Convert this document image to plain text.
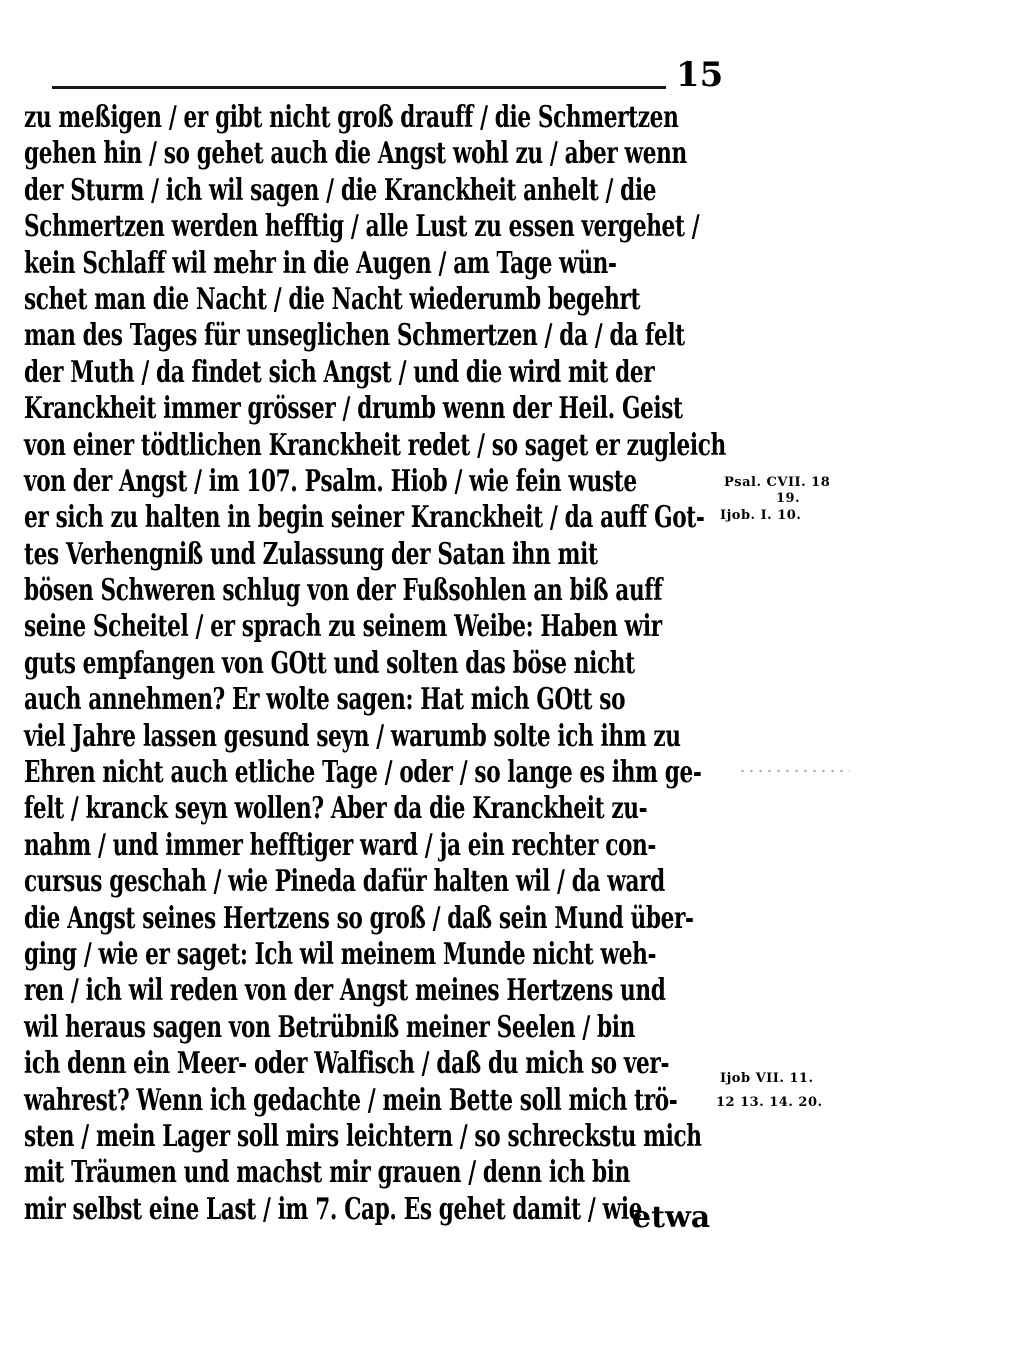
15
zu meßigen / er gibt nicht groß drauff / die Schmertzen
gehen hin / so gehet auch die Angst wohl zu / aber wenn
der Sturm / ich wil sagen / die Kranckheit anhelt / die
Schmertzen werden hefftig / alle Lust zu essen vergehet /
kein Schlaff wil mehr in die Augen / am Tage wün-
schet man die Nacht / die Nacht wiederumb begehrt
man des Tages für unseglichen Schmertzen / da / da felt
der Muth / da findet sich Angst / und die wird mit der
Kranckheit immer grösser / drumb wenn der Heil. Geist
von einer tödtlichen Kranckheit redet / so saget er zugleich
von der Angst / im 107. Psalm. Hiob / wie fein wuste
er sich zu halten in begin seiner Kranckheit / da auff Got-
tes Verhengniß und Zulassung der Satan ihn mit
bösen Schweren schlug von der Fußsohlen an biß auff
seine Scheitel / er sprach zu seinem Weibe: Haben wir
guts empfangen von GOtt und solten das böse nicht
auch annehmen? Er wolte sagen: Hat mich GOtt so
viel Jahre lassen gesund seyn / warumb solte ich ihm zu
Ehren nicht auch etliche Tage / oder / so lange es ihm ge-
felt / kranck seyn wollen? Aber da die Kranckheit zu-
nahm / und immer hefftiger ward / ja ein rechter con-
cursus geschah / wie Pineda dafür halten wil / da ward
die Angst seines Hertzens so groß / daß sein Mund über-
ging / wie er saget: Ich wil meinem Munde nicht weh-
ren / ich wil reden von der Angst meines Hertzens und
wil heraus sagen von Betrübniß meiner Seelen / bin
ich denn ein Meer- oder Walfisch / daß du mich so ver-
wahrest? Wenn ich gedachte / mein Bette soll mich trö-
sten / mein Lager soll mirs leichtern / so schreckstu mich
mit Träumen und machst mir grauen / denn ich bin
mir selbst eine Last / im 7. Cap. Es gehet damit / wie
etwa
Psal. CVII. 18
19.
Ijob. I. 10.
Ijob VII. 11.
12 13. 14. 20.
